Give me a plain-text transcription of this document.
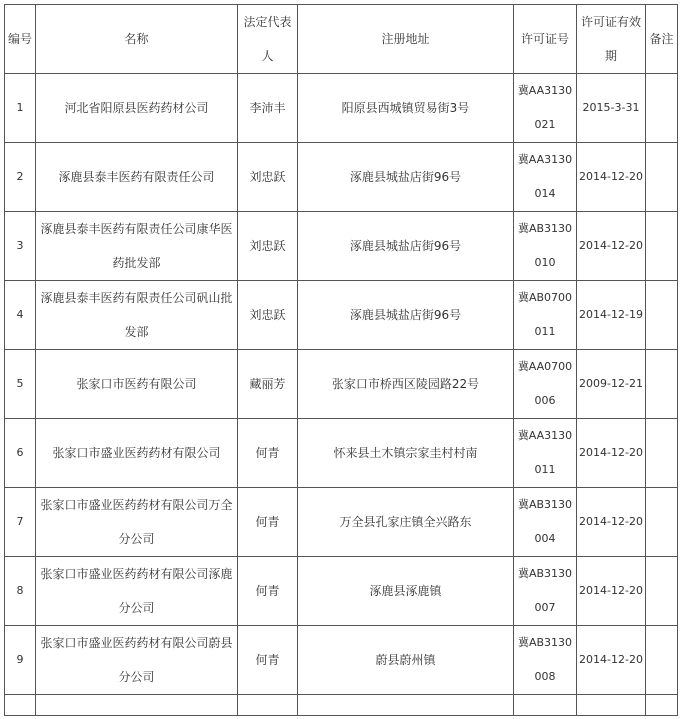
编号	名称	法定代表人	注册地址	许可证号	许可证有效期	备注
1	河北省阳原县医药药材公司	李沛丰	阳原县西城镇贸易街3号	冀AA3130021	2015-3-31	
2	涿鹿县泰丰医药有限责任公司	刘忠跃	涿鹿县城盐店街96号	冀AA3130014	2014-12-20	
3	涿鹿县泰丰医药有限责任公司康华医药批发部	刘忠跃	涿鹿县城盐店街96号	冀AB3130010	2014-12-20	
4	涿鹿县泰丰医药有限责任公司矾山批发部	刘忠跃	涿鹿县城盐店街96号	冀AB0700011	2014-12-19	
5	张家口市医药有限公司	藏丽芳	张家口市桥西区陵园路22号	冀AA0700006	2009-12-21	
6	张家口市盛业医药药材有限公司	何青	怀来县土木镇宗家圭村村南	冀AA3130011	2014-12-20	
7	张家口市盛业医药药材有限公司万全分公司	何青	万全县孔家庄镇全兴路东	冀AB3130004	2014-12-20	
8	张家口市盛业医药药材有限公司涿鹿分公司	何青	涿鹿县涿鹿镇	冀AB3130007	2014-12-20	
9	张家口市盛业医药药材有限公司蔚县分公司	何青	蔚县蔚州镇	冀AB3130008	2014-12-20	
